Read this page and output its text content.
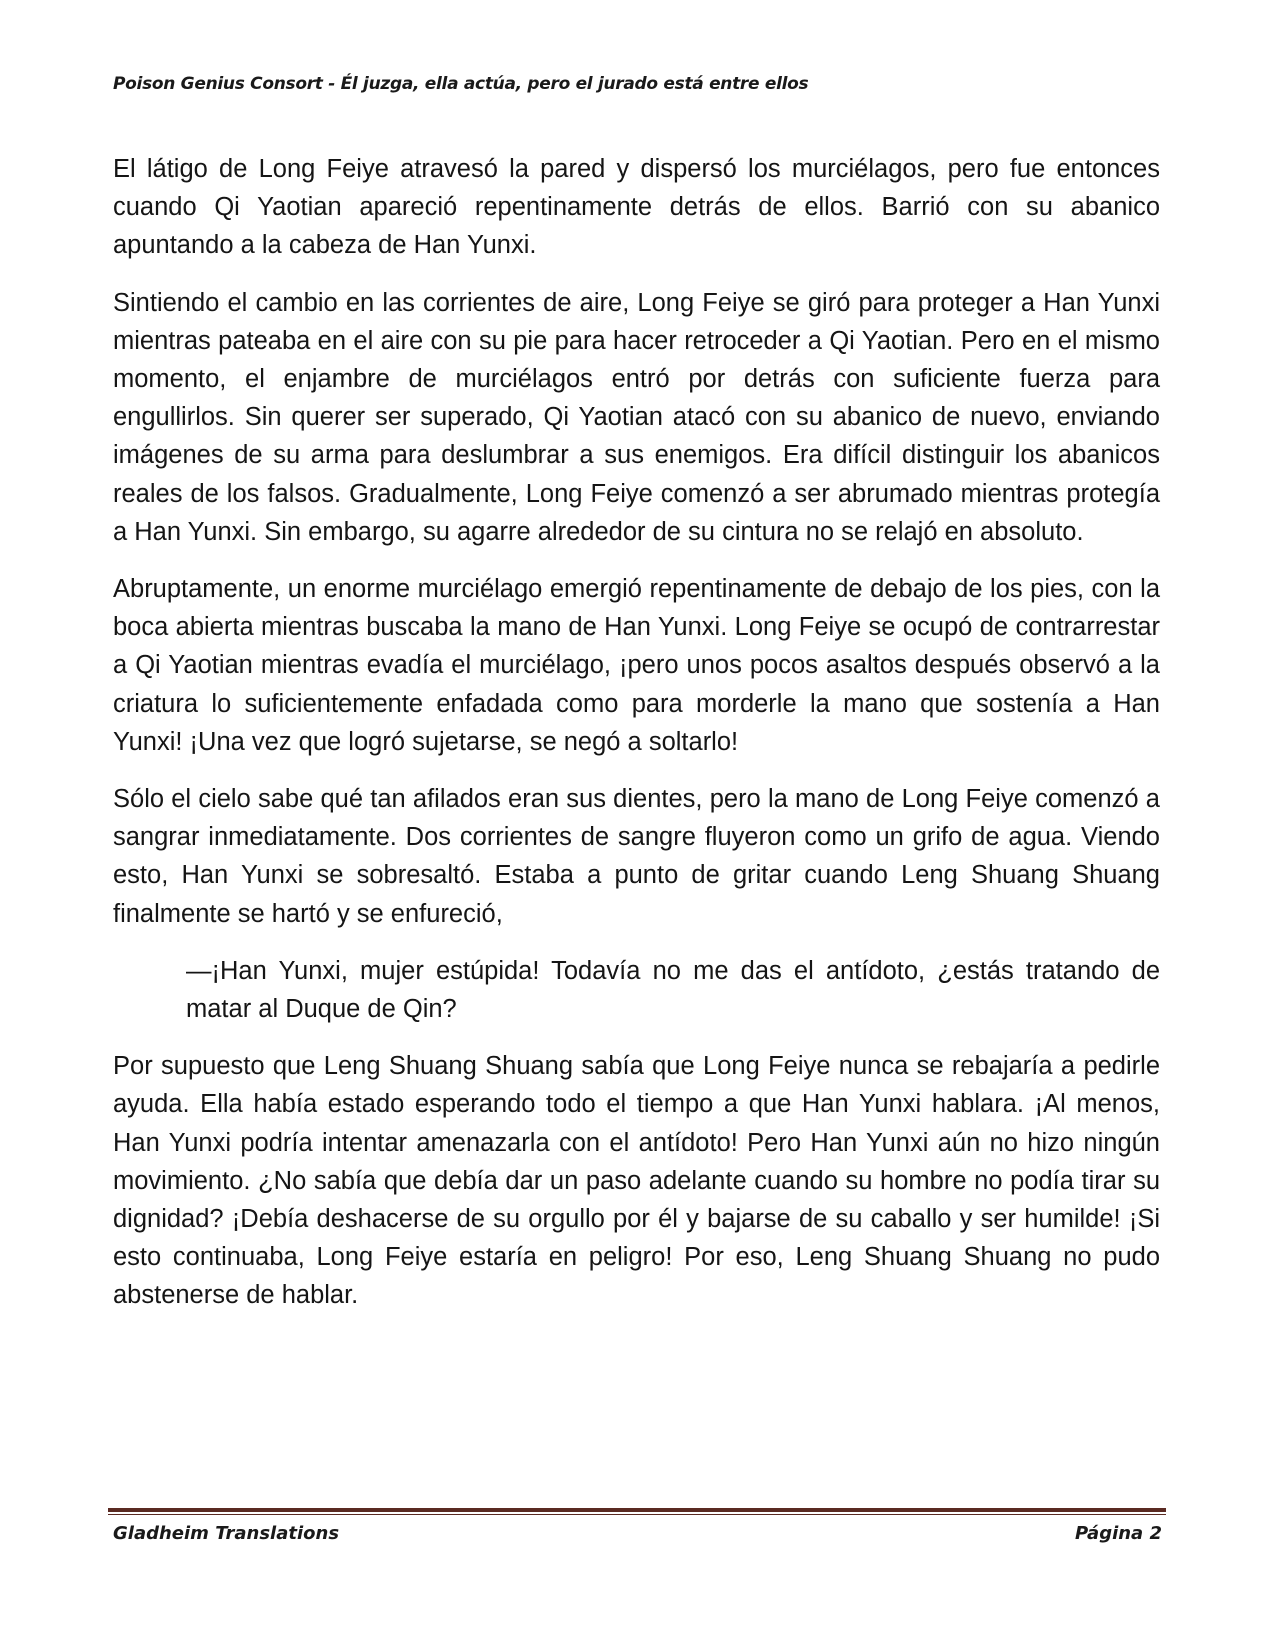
Poison Genius Consort - Él juzga, ella actúa, pero el jurado está entre ellos

El látigo de Long Feiye atravesó la pared y dispersó los murciélagos, pero fue entonces cuando Qi Yaotian apareció repentinamente detrás de ellos. Barrió con su abanico apuntando a la cabeza de Han Yunxi.

Sintiendo el cambio en las corrientes de aire, Long Feiye se giró para proteger a Han Yunxi mientras pateaba en el aire con su pie para hacer retroceder a Qi Yaotian. Pero en el mismo momento, el enjambre de murciélagos entró por detrás con suficiente fuerza para engullirlos. Sin querer ser superado, Qi Yaotian atacó con su abanico de nuevo, enviando imágenes de su arma para deslumbrar a sus enemigos. Era difícil distinguir los abanicos reales de los falsos. Gradualmente, Long Feiye comenzó a ser abrumado mientras protegía a Han Yunxi. Sin embargo, su agarre alrededor de su cintura no se relajó en absoluto.

Abruptamente, un enorme murciélago emergió repentinamente de debajo de los pies, con la boca abierta mientras buscaba la mano de Han Yunxi. Long Feiye se ocupó de contrarrestar a Qi Yaotian mientras evadía el murciélago, ¡pero unos pocos asaltos después observó a la criatura lo suficientemente enfadada como para morderle la mano que sostenía a Han Yunxi! ¡Una vez que logró sujetarse, se negó a soltarlo!

Sólo el cielo sabe qué tan afilados eran sus dientes, pero la mano de Long Feiye comenzó a sangrar inmediatamente. Dos corrientes de sangre fluyeron como un grifo de agua. Viendo esto, Han Yunxi se sobresaltó. Estaba a punto de gritar cuando Leng Shuang Shuang finalmente se hartó y se enfureció,

—¡Han Yunxi, mujer estúpida! Todavía no me das el antídoto, ¿estás tratando de matar al Duque de Qin?

Por supuesto que Leng Shuang Shuang sabía que Long Feiye nunca se rebajaría a pedirle ayuda. Ella había estado esperando todo el tiempo a que Han Yunxi hablara. ¡Al menos, Han Yunxi podría intentar amenazarla con el antídoto! Pero Han Yunxi aún no hizo ningún movimiento. ¿No sabía que debía dar un paso adelante cuando su hombre no podía tirar su dignidad? ¡Debía deshacerse de su orgullo por él y bajarse de su caballo y ser humilde! ¡Si esto continuaba, Long Feiye estaría en peligro! Por eso, Leng Shuang Shuang no pudo abstenerse de hablar.

Gladheim Translations	Página 2
